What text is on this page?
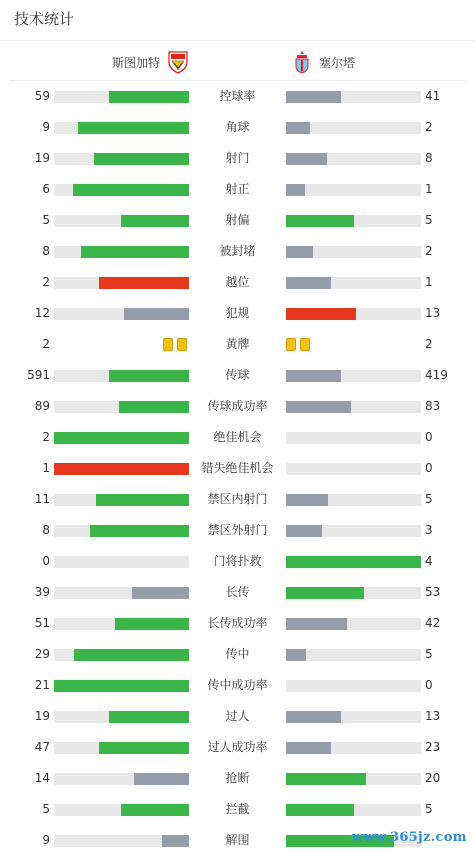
技术统计
斯图加特	塞尔塔
59	控球率	41
9	角球	2
19	射门	8
6	射正	1
5	射偏	5
8	被封堵	2
2	越位	1
12	犯规	13
2	黄牌	2
591	传球	419
89	传球成功率	83
2	绝佳机会	0
1	错失绝佳机会	0
11	禁区内射门	5
8	禁区外射门	3
0	门将扑救	4
39	长传	53
51	长传成功率	42
29	传中	5
21	传中成功率	0
19	过人	13
47	过人成功率	23
14	抢断	20
5	拦截	5
9	解围	www.365jz.com
